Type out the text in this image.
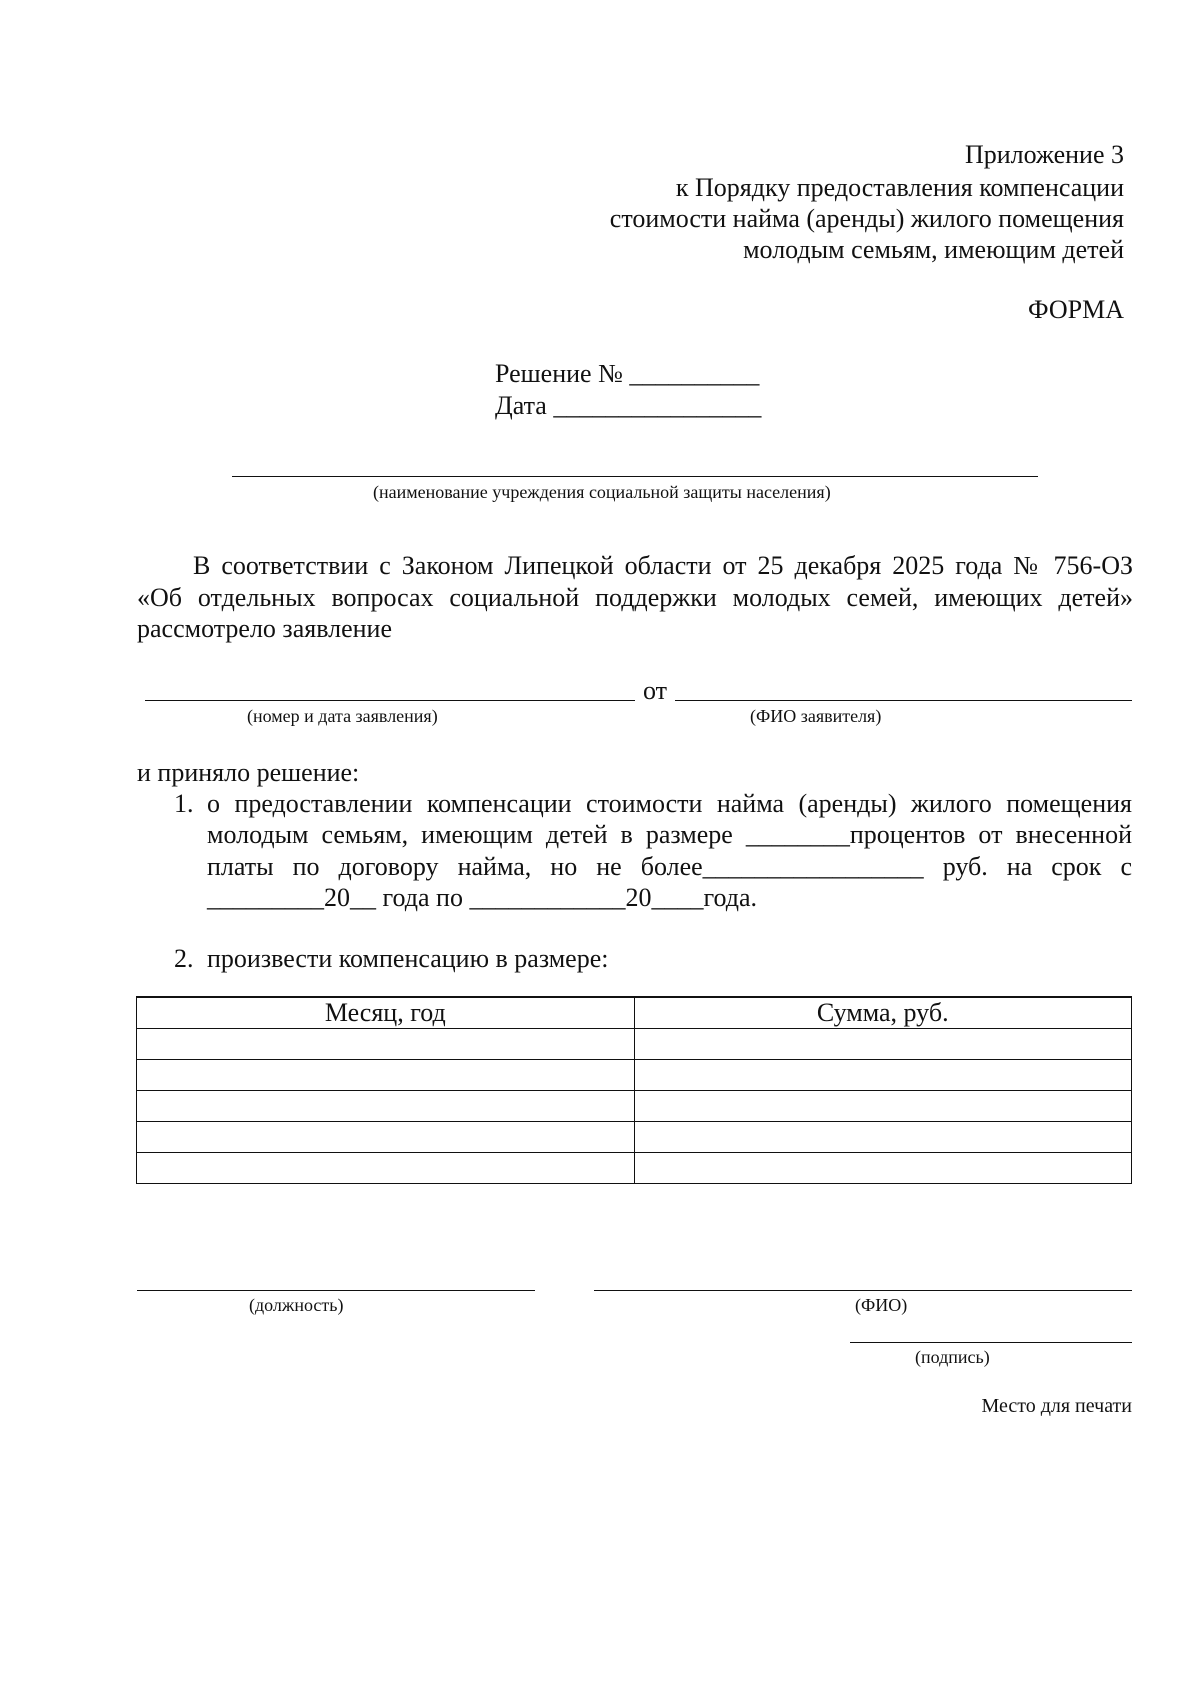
Приложение 3
к Порядку предоставления компенсации
стоимости найма (аренды) жилого помещения
молодым семьям, имеющим детей
ФОРМА
Решение № __________
Дата ________________
(наименование учреждения социальной защиты населения)
В соответствии с Законом Липецкой области от 25 декабря 2025 года № 756-ОЗ
«Об отдельных вопросах социальной поддержки молодых семей, имеющих детей»
рассмотрело заявление
от
(номер и дата заявления)	(ФИО заявителя)
и приняло решение:
1. о предоставлении компенсации стоимости найма (аренды) жилого помещения
молодым семьям, имеющим детей в размере ________процентов от внесенной
платы по договору найма, но не более_________________ руб. на срок с
_________20__ года по ____________20____года.
2. произвести компенсацию в размере:
Месяц, год	Сумма, руб.

(должность)	(ФИО)
(подпись)
Место для печати
